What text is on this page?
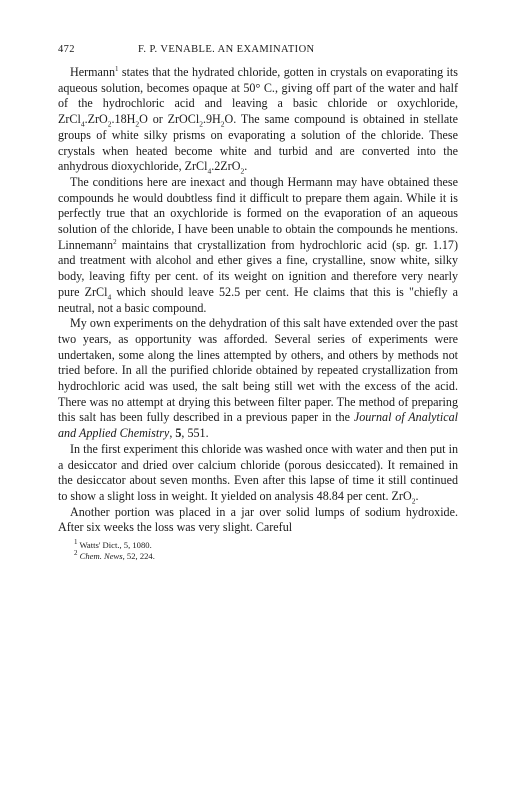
472	F. P. VENABLE. AN EXAMINATION

Hermann$^1$ states that the hydrated chloride, gotten in crystals on evaporating its aqueous solution, becomes opaque at 50° C., giving off part of the water and half of the hydrochloric acid and leaving a basic chloride or oxychloride, $ZrCl_4.ZrO_2.18H_2O$ or $ZrOCl_2.9H_2O$. The same compound is obtained in stellate groups of white silky prisms on evaporating a solution of the chloride. These crystals when heated become white and turbid and are converted into the anhydrous dioxychloride, ZrCl$_4$.2ZrO$_2$.

The conditions here are inexact and though Hermann may have obtained these compounds he would doubtless find it difficult to prepare them again. While it is perfectly true that an oxychloride is formed on the evaporation of an aqueous solution of the chloride, I have been unable to obtain the compounds he mentions. Linnemann$^2$ maintains that crystallization from hydrochloric acid (sp. gr. 1.17) and treatment with alcohol and ether gives a fine, crystalline, snow white, silky body, leaving fifty per cent. of its weight on ignition and therefore very nearly pure ZrCl$_4$ which should leave 52.5 per cent. He claims that this is "chiefly a neutral, not a basic compound.

My own experiments on the dehydration of this salt have extended over the past two years, as opportunity was afforded. Several series of experiments were undertaken, some along the lines attempted by others, and others by methods not tried before. In all the purified chloride obtained by repeated crystallization from hydrochloric acid was used, the salt being still wet with the excess of the acid. There was no attempt at drying this between filter paper. The method of preparing this salt has been fully described in a previous paper in the Journal of Analytical and Applied Chemistry, 5, 551.

In the first experiment this chloride was washed once with water and then put in a desiccator and dried over calcium chloride (porous desiccated). It remained in the desiccator about seven months. Even after this lapse of time it still continued to show a slight loss in weight. It yielded on analysis 48.84 per cent. ZrO$_2$.

Another portion was placed in a jar over solid lumps of sodium hydroxide. After six weeks the loss was very slight. Careful

$^1$ Watts' Dict., 5, 1080.
$^2$ Chem. News, 52, 224.
